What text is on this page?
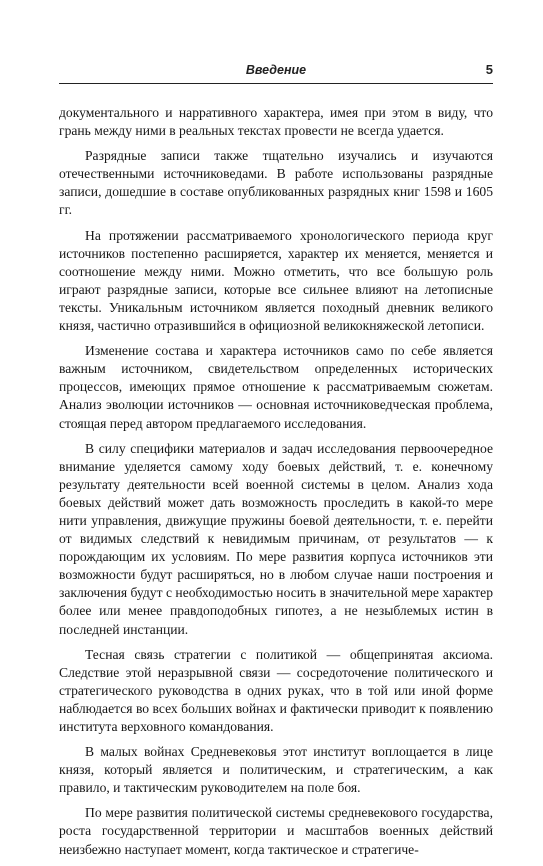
Введение	5

документального и нарративного характера, имея при этом в виду, что грань между ними в реальных текстах провести не всегда удается.

Разрядные записи также тщательно изучались и изучаются отечественными источниковедами. В работе использованы разрядные записи, дошедшие в составе опубликованных разрядных книг 1598 и 1605 гг.

На протяжении рассматриваемого хронологического периода круг источников постепенно расширяется, характер их меняется, меняется и соотношение между ними. Можно отметить, что все большую роль играют разрядные записи, которые все сильнее влияют на летописные тексты. Уникальным источником является походный дневник великого князя, частично отразившийся в официозной великокняжеской летописи.

Изменение состава и характера источников само по себе является важным источником, свидетельством определенных исторических процессов, имеющих прямое отношение к рассматриваемым сюжетам. Анализ эволюции источников — основная источниковедческая проблема, стоящая перед автором предлагаемого исследования.

В силу специфики материалов и задач исследования первоочередное внимание уделяется самому ходу боевых действий, т. е. конечному результату деятельности всей военной системы в целом. Анализ хода боевых действий может дать возможность проследить в какой-то мере нити управления, движущие пружины боевой деятельности, т. е. перейти от видимых следствий к невидимым причинам, от результатов — к порождающим их условиям. По мере развития корпуса источников эти возможности будут расширяться, но в любом случае наши построения и заключения будут с необходимостью носить в значительной мере характер более или менее правдоподобных гипотез, а не незыблемых истин в последней инстанции.

Тесная связь стратегии с политикой — общепринятая аксиома. Следствие этой неразрывной связи — сосредоточение политического и стратегического руководства в одних руках, что в той или иной форме наблюдается во всех больших войнах и фактически приводит к появлению института верховного командования.

В малых войнах Средневековья этот институт воплощается в лице князя, который является и политическим, и стратегическим, а как правило, и тактическим руководителем на поле боя.

По мере развития политической системы средневекового государства, роста государственной территории и масштабов военных действий неизбежно наступает момент, когда тактическое и стратегиче-
